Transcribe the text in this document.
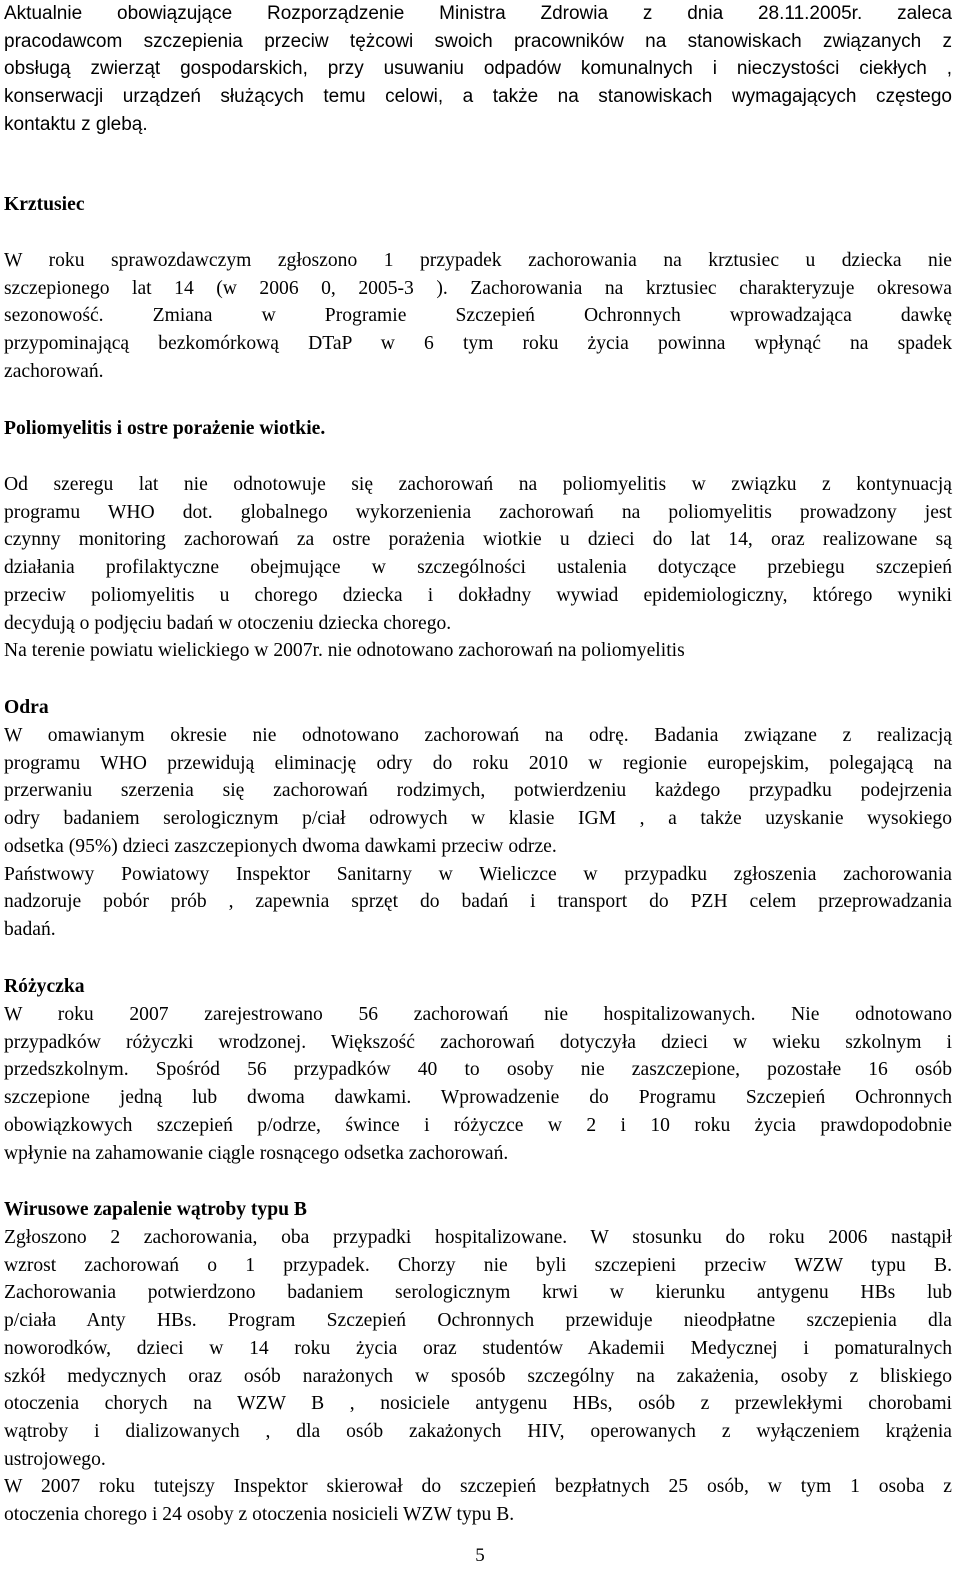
Aktualnie obowiązujące Rozporządzenie Ministra Zdrowia z dnia 28.11.2005r. zaleca
pracodawcom szczepienia przeciw tężcowi swoich pracowników na stanowiskach związanych z
obsługą zwierząt gospodarskich, przy usuwaniu odpadów komunalnych i nieczystości ciekłych ,
konserwacji urządzeń służących temu celowi, a także na stanowiskach wymagających częstego
kontaktu z glebą.
Krztusiec
W roku sprawozdawczym zgłoszono 1 przypadek zachorowania na krztusiec u dziecka nie
szczepionego lat 14 (w 2006 0, 2005-3 ). Zachorowania na krztusiec charakteryzuje okresowa
sezonowość. Zmiana w Programie Szczepień Ochronnych wprowadzająca dawkę
przypominającą bezkomórkową DTaP w 6 tym roku życia powinna wpłynąć na spadek
zachorowań.
Poliomyelitis i ostre porażenie wiotkie.
Od szeregu lat nie odnotowuje się zachorowań na poliomyelitis w związku z kontynuacją
programu WHO dot. globalnego wykorzenienia zachorowań na poliomyelitis prowadzony jest
czynny monitoring zachorowań za ostre porażenia wiotkie u dzieci do lat 14, oraz realizowane są
działania profilaktyczne obejmujące w szczególności ustalenia dotyczące przebiegu szczepień
przeciw poliomyelitis u chorego dziecka i dokładny wywiad epidemiologiczny, którego wyniki
decydują o podjęciu badań w otoczeniu dziecka chorego.
Na terenie powiatu wielickiego w 2007r. nie odnotowano zachorowań na poliomyelitis
Odra
W omawianym okresie nie odnotowano zachorowań na odrę. Badania związane z realizacją
programu WHO przewidują eliminację odry do roku 2010 w regionie europejskim, polegającą na
przerwaniu szerzenia się zachorowań rodzimych, potwierdzeniu każdego przypadku podejrzenia
odry badaniem serologicznym p/ciał odrowych w klasie IGM , a także uzyskanie wysokiego
odsetka (95%) dzieci zaszczepionych dwoma dawkami przeciw odrze.
Państwowy Powiatowy Inspektor Sanitarny w Wieliczce w przypadku zgłoszenia zachorowania
nadzoruje pobór prób , zapewnia sprzęt do badań i transport do PZH celem przeprowadzania
badań.
Różyczka
W roku 2007 zarejestrowano 56 zachorowań nie hospitalizowanych. Nie odnotowano
przypadków różyczki wrodzonej. Większość zachorowań dotyczyła dzieci w wieku szkolnym i
przedszkolnym. Spośród 56 przypadków 40 to osoby nie zaszczepione, pozostałe 16 osób
szczepione jedną lub dwoma dawkami. Wprowadzenie do Programu Szczepień Ochronnych
obowiązkowych szczepień p/odrze, śwince i różyczce w 2 i 10 roku życia prawdopodobnie
wpłynie na zahamowanie ciągle rosnącego odsetka zachorowań.
Wirusowe zapalenie wątroby typu B
Zgłoszono 2 zachorowania, oba przypadki hospitalizowane. W stosunku do roku 2006 nastąpił
wzrost zachorowań o 1 przypadek. Chorzy nie byli szczepieni przeciw WZW typu B.
Zachorowania potwierdzono badaniem serologicznym krwi w kierunku antygenu HBs lub
p/ciała Anty HBs. Program Szczepień Ochronnych przewiduje nieodpłatne szczepienia dla
noworodków, dzieci w 14 roku życia oraz studentów Akademii Medycznej i pomaturalnych
szkół medycznych oraz osób narażonych w sposób szczególny na zakażenia, osoby z bliskiego
otoczenia chorych na WZW B , nosiciele antygenu HBs, osób z przewlekłymi chorobami
wątroby i dializowanych , dla osób zakażonych HIV, operowanych z wyłączeniem krążenia
ustrojowego.
W 2007 roku tutejszy Inspektor skierował do szczepień bezpłatnych 25 osób, w tym 1 osoba z
otoczenia chorego i 24 osoby z otoczenia nosicieli WZW typu B.
5
